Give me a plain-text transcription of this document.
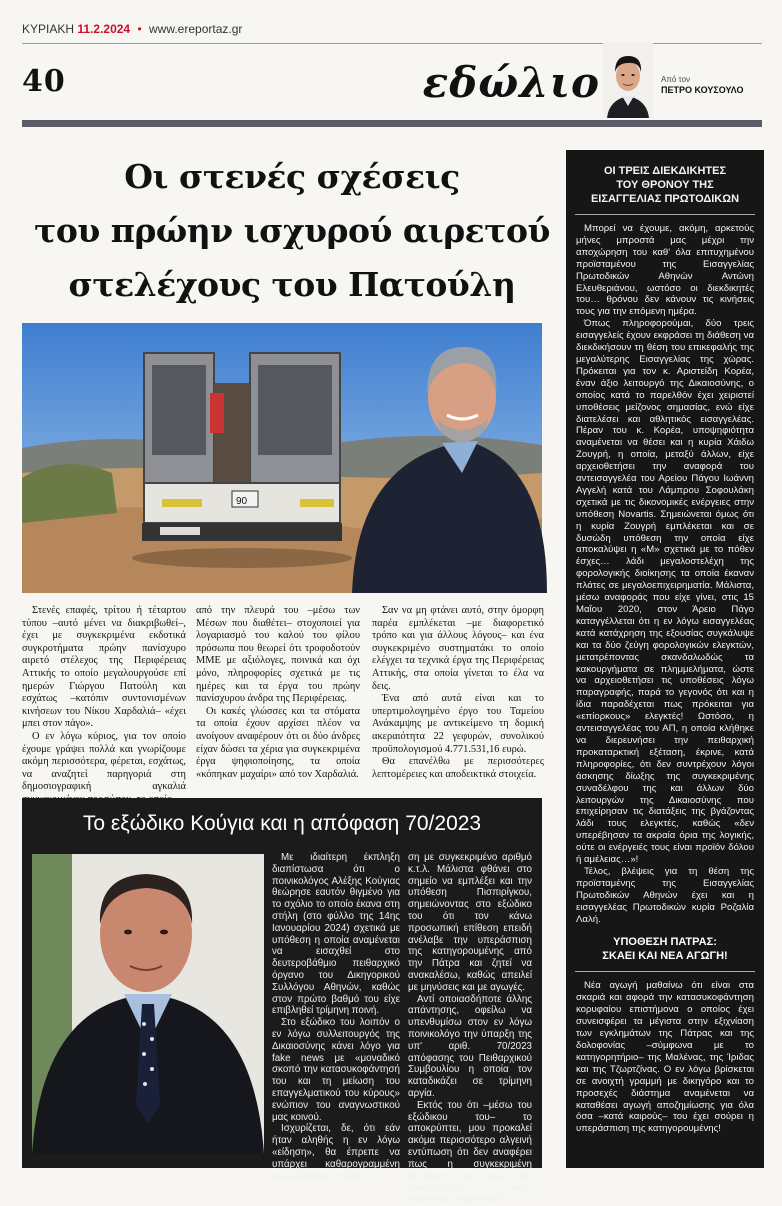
ΚΥΡΙΑΚΗ 11.2.2024 • www.ereportaz.gr
40	εδώλιο	Από τον
ΠΕΤΡΟ ΚΟΥΣΟΥΛΟ
Οι στενές σχέσεις
του πρώην ισχυρού αιρετού
στελέχους του Πατούλη
90

Στενές επαφές, τρίτου ή τέταρτου τύπου –αυτό μένει να διακριβωθεί–, έχει με συγκεκριμένα εκδοτικά συγκροτήματα πρώην πανίσχυρο αιρετό στέλεχος της Περιφέρειας Αττικής το οποίο μεγαλουργούσε επί ημερών Γιώργου Πατούλη και εσχάτως –κατόπιν συντονισμένων κινήσεων του Νίκου Χαρδαλιά– «έχει μπει στον πάγο».

Ο εν λόγω κύριος, για τον οποίο έχουμε γράψει πολλά και γνωρίζουμε ακόμη περισσότερα, φέρεται, εσχάτως, να αναζητεί παρηγοριά στη δημοσιογραφική αγκαλιά

από την πλευρά του –μέσω των Μέσων που διαθέτει– στοχοποιεί για λογαριασμό του καλού του φίλου πρόσωπα που θεωρεί ότι τροφοδοτούν ΜΜΕ με αξιόλογες, ποινικά και όχι μόνο, πληροφορίες σχετικά με τις ημέρες και τα έργα του πρώην πανίσχυρου άνδρα της Περιφέρειας.

Οι κακές γλώσσες και τα στόματα τα οποία έχουν αρχίσει πλέον να ανοίγουν αναφέρουν ότι οι δύο άνδρες είχαν δώσει τα χέρια για συγκεκριμένα έργα ψηφιοποίησης, τα οποία «κόπηκαν μαχαίρι» από τον Χαρδαλιά.

Σαν να μη φτάνει αυτό, στην όμορφη παρέα εμπλέκεται –με διαφορετικό τρόπο και για άλλους λόγους– και ένα συγκεκριμένο συστηματάκι το οποίο ελέγχει τα τεχνικά έργα της Περιφέρειας Αττικής, στα οποία γίνεται το έλα να δεις.

Ένα από αυτά είναι και το υπερτιμολογημένο έργο του Ταμείου Ανάκαμψης με αντικείμενο τη δομική ακεραιότητα 22 γεφυρών, συνολικού προϋπολογισμού 4.771.531,16 ευρώ.

Θα επανέλθω με περισσότερες λεπτομέρειες και αποδεικτικά στοιχεία.

ΟΙ ΤΡΕΙΣ ΔΙΕΚΔΙΚΗΤΕΣ
ΤΟΥ ΘΡΟΝΟΥ ΤΗΣ
ΕΙΣΑΓΓΕΛΙΑΣ ΠΡΩΤΟΔΙΚΩΝ

Μπορεί να έχουμε, ακόμη, αρκετούς μήνες μπροστά μας μέχρι την αποχώρηση του καθ' όλα επιτυχημένου προϊσταμένου της Εισαγγελίας Πρωτοδικών Αθηνών Αντώνη Ελευθεριάνου, ωστόσο οι διεκδικητές του… θρόνου δεν κάνουν τις κινήσεις τους για την επόμενη ημέρα.

Όπως πληροφορούμαι, δύο τρεις εισαγγελείς έχουν εκφράσει τη διάθεση να διεκδικήσουν τη θέση του επικεφαλής της μεγαλύτερης Εισαγγελίας της χώρας. Πρόκειται για τον κ. Αριστείδη Κορέα, έναν άξιο λειτουργό της Δικαιοσύνης, ο οποίος κατά το παρελθόν έχει χειριστεί υποθέσεις μείζονος σημασίας, ενώ είχε διατελέσει και αθλητικός εισαγγελέας. Πέραν του κ. Κορέα, υποψηφιότητα αναμένεται να θέσει και η κυρία Χάιδω Ζουγρή, η οποία, μεταξύ άλλων, είχε αρχειοθετήσει την αναφορά του αντεισαγγελέα του Αρείου Πάγου Ιωάννη Αγγελή κατά του Λάμπρου Σοφουλάκη σχετικά με τις δικονομικές ενέργειες στην υπόθεση Novartis. Σημειώνεται όμως ότι η κυρία Ζουγρή εμπλέκεται και σε δυσώδη υπόθεση την οποία είχε αποκαλύψει η «Μ» σχετικά με το πόθεν έσχες… λάδι μεγαλοστελέχη της φορολογικής διοίκησης τα οποία έκαναν πλάτες σε μεγαλοεπιχειρηματία. Μάλιστα, μέσω αναφοράς που είχε γίνει, στις 15 Μαΐου 2020, στον Άρειο Πάγο καταγγέλλεται ότι η εν λόγω εισαγγελέας κατά κατάχρηση της εξουσίας συγκάλυψε και τα δύο ζεύγη φορολογικών ελεγκτών, μετατρέποντας σκανδαλωδώς τα κακουργήματα σε πλημμελήματα, ώστε να αρχειοθετήσει τις υποθέσεις λόγω παραγραφής, παρά το γεγονός ότι και η ίδια παραδέχεται πως πρόκειται για «επίορκους» ελεγκτές! Ωστόσο, η αντεισαγγελέας του ΑΠ, η οποία κλήθηκε να διερευνήσει την πειθαρχική προκαταρκτική εξέταση, έκρινε, κατά πληροφορίες, ότι δεν συντρέχουν λόγοι άσκησης δίωξης της συγκεκριμένης συναδέλφου της και άλλων δύο λειτουργών της Δικαιοσύνης που επιχείρησαν τις διατάξεις της βγάζοντας λάδι τους ελεγκτές, καθώς «δεν υπερέβησαν τα ακραία όρια της λογικής, ούτε οι ενέργειές τους είναι προϊόν δόλου ή αμέλειας…»!

Τέλος, βλέψεις για τη θέση της προϊσταμένης της Εισαγγελίας Πρωτοδικών Αθηνών έχει και η εισαγγελέας Πρωτοδικών κυρία Ροζαλία Λαλή.

ΥΠΟΘΕΣΗ ΠΑΤΡΑΣ:
ΣΚΑΕΙ ΚΑΙ ΝΕΑ ΑΓΩΓΗ!

Νέα αγωγή μαθαίνω ότι είναι στα σκαριά και αφορά την κατασυκοφάντηση κορυφαίου επιστήμονα ο οποίος έχει συνεισφέρει τα μέγιστα στην εξιχνίαση των εγκλημάτων της Πάτρας και της δολοφονίας –σύμφωνα με το κατηγορητήριο– της Μαλένας, της Ίριδας και της Τζωρτζίνας. Ο εν λόγω βρίσκεται σε ανοιχτή γραμμή με δικηγόρο και το προσεχές διάστημα αναμένεται να καταθέσει αγωγή αποζημίωσης για όλα όσα –κατά καιρούς– του έχει σούρει η υπεράσπιση της κατηγορουμένης!

Το εξώδικο Κούγια και η απόφαση 70/2023

Με ιδιαίτερη έκπληξη διαπίστωσα ότι ο ποινικολόγος Αλέξης Κούγιας θεώρησε εαυτόν θιγμένο για το σχόλιο το οποίο έκανα στη στήλη (στο φύλλο της 14ης Ιανουαρίου 2024) σχετικά με υπόθεση η οποία αναμένεται να εισαχθεί στο δευτεροβάθμιο πειθαρχικό όργανο του Δικηγορικού Συλλόγου Αθηνών, καθώς στον πρώτο βαθμό του είχε επιβληθεί τρίμηνη ποινή.

Στο εξώδικο του λοιπόν ο εν λόγω συλλειτουργός της Δικαιοσύνης κάνει λόγο για fake news με «μοναδικό σκοπό την κατασυκοφάντησή του και τη μείωση του επαγγελματικού του κύρους» ενώπιον του αναγνωστικού μας κοινού.

Ισχυρίζεται, δε, ότι εάν ήταν αληθής η εν λόγω «είδηση», θα έπρεπε να υπάρχει καθαρογραμμένη πρωτοβάθμια απόφα-

ση με συγκεκριμένο αριθμό κ.τ.λ. Μάλιστα φθάνει στο σημείο να εμπλέξει και την υπόθεση Πισπιρίγκου, σημειώνοντας στο εξώδικο του ότι τον κάνω προσωπική επίθεση επειδή ανέλαβε την υπεράσπιση της κατηγορουμένης από την Πάτρα και ζητεί να ανακαλέσω, καθώς απειλεί με μηνύσεις και με αγωγές.

Αντί οποιασδήποτε άλλης απάντησης, οφείλω να υπενθυμίσω στον εν λόγω ποινικολόγο την ύπαρξη της υπ' αριθ. 70/2023 απόφασης του Πειθαρχικού Συμβουλίου η οποία τον καταδικάζει σε τρίμηνη αργία.

Εκτός του ότι –μέσω του εξώδικου του– το αποκρύπτει, μου προκαλεί ακόμα περισσότερο αλγεινή εντύπωση ότι δεν αναφέρει πως η συγκεκριμένη απόφαση του έχει ήδη κοινοποιηθεί μέσω δικαστικού επιμελητή!
